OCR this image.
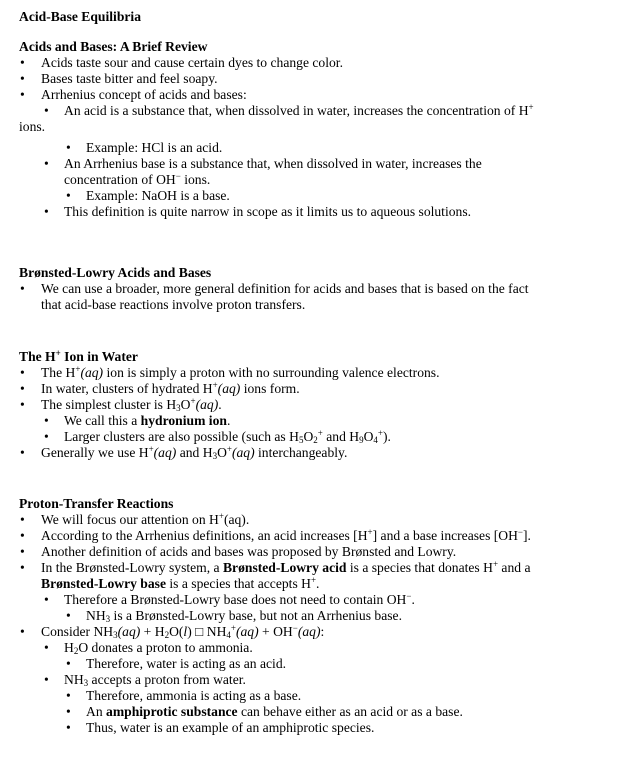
Acid-Base Equilibria
Acids and Bases: A Brief Review

• Acids taste sour and cause certain dyes to change color.

• Bases taste bitter and feel soapy.

• Arrhenius concept of acids and bases:

• An acid is a substance that, when dissolved in water, increases the concentration of H+

ions.

• Example: HCl is an acid.

• An Arrhenius base is a substance that, when dissolved in water, increases the
concentration of OH− ions.

• Example: NaOH is a base.

• This definition is quite narrow in scope as it limits us to aqueous solutions.

Brønsted-Lowry Acids and Bases

• We can use a broader, more general definition for acids and bases that is based on the fact
that acid-base reactions involve proton transfers.

The H+ Ion in Water

• The H+(aq) ion is simply a proton with no surrounding valence electrons.

• In water, clusters of hydrated H+(aq) ions form.

• The simplest cluster is $H_3O^+(aq)$.

• We call this a hydronium ion.

• Larger clusters are also possible (such as $H_5O_2^+$ and $H_9O_4^+$).

• Generally we use H+(aq) and $H_3O^+(aq)$ interchangeably.

Proton-Transfer Reactions

• We will focus our attention on H+(aq).

• According to the Arrhenius definitions, an acid increases [H+] and a base increases [OH−].

• Another definition of acids and bases was proposed by Brønsted and Lowry.

• In the Brønsted-Lowry system, a Brønsted-Lowry acid is a species that donates H+ and a
Brønsted-Lowry base is a species that accepts H+.

• Therefore a Brønsted-Lowry base does not need to contain OH−.

• $NH_3$ is a Brønsted-Lowry base, but not an Arrhenius base.

• Consider $NH_3(aq) + H_2O(l)$ □ $NH_4^+(aq) + OH^-(aq)$:

• $H_2O$ donates a proton to ammonia.

• Therefore, water is acting as an acid.

• $NH_3$ accepts a proton from water.

• Therefore, ammonia is acting as a base.

• An amphiprotic substance can behave either as an acid or as a base.

• Thus, water is an example of an amphiprotic species.
